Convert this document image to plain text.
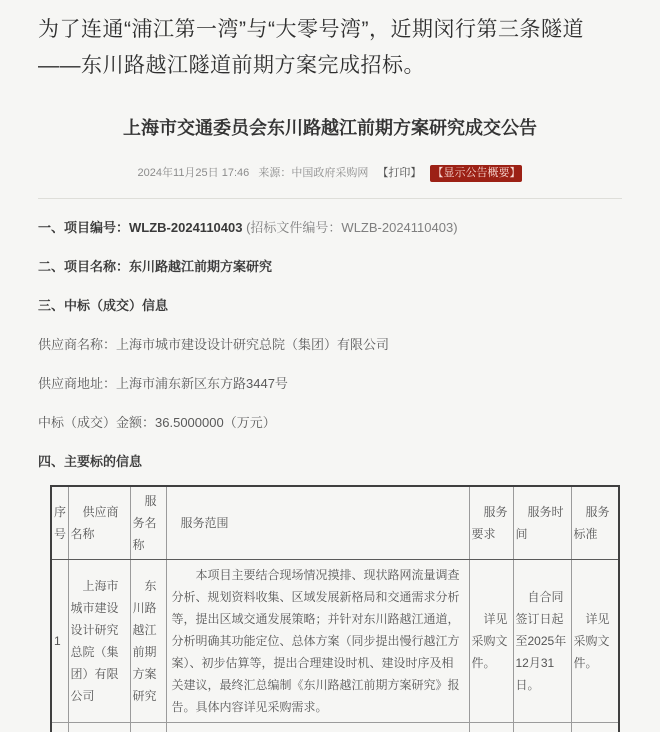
为了连通“浦江第一湾”与“大零号湾”，近期闵行第三条隧道——东川路越江隧道前期方案完成招标。

上海市交通委员会东川路越江前期方案研究成交公告
2024年11月25日 17:46 来源：中国政府采购网 【打印】 【显示公告概要】
一、项目编号：WLZB-2024110403 (招标文件编号：WLZB-2024110403)
二、项目名称：东川路越江前期方案研究
三、中标（成交）信息
供应商名称：上海市城市建设设计研究总院（集团）有限公司
供应商地址：上海市浦东新区东方路3447号
中标（成交）金额：36.5000000（万元）
四、主要标的信息
序号	供应商名称	服务名称	服务范围	服务要求	服务时间	服务标准
1	上海市城市建设设计研究总院（集团）有限公司	东川路越江前期方案研究	本项目主要结合现场情况摸排、现状路网流量调查分析、规划资料收集、区域发展新格局和交通需求分析等，提出区域交通发展策略；并针对东川路越江通道，分析明确其功能定位、总体方案（同步提出慢行越江方案）、初步估算等，提出合理建设时机、建设时序及相关建议，最终汇总编制《东川路越江前期方案研究》报告。具体内容详见采购需求。	详见采购文件。	自合同签订日起至2025年12月31日。	详见采购文件。
